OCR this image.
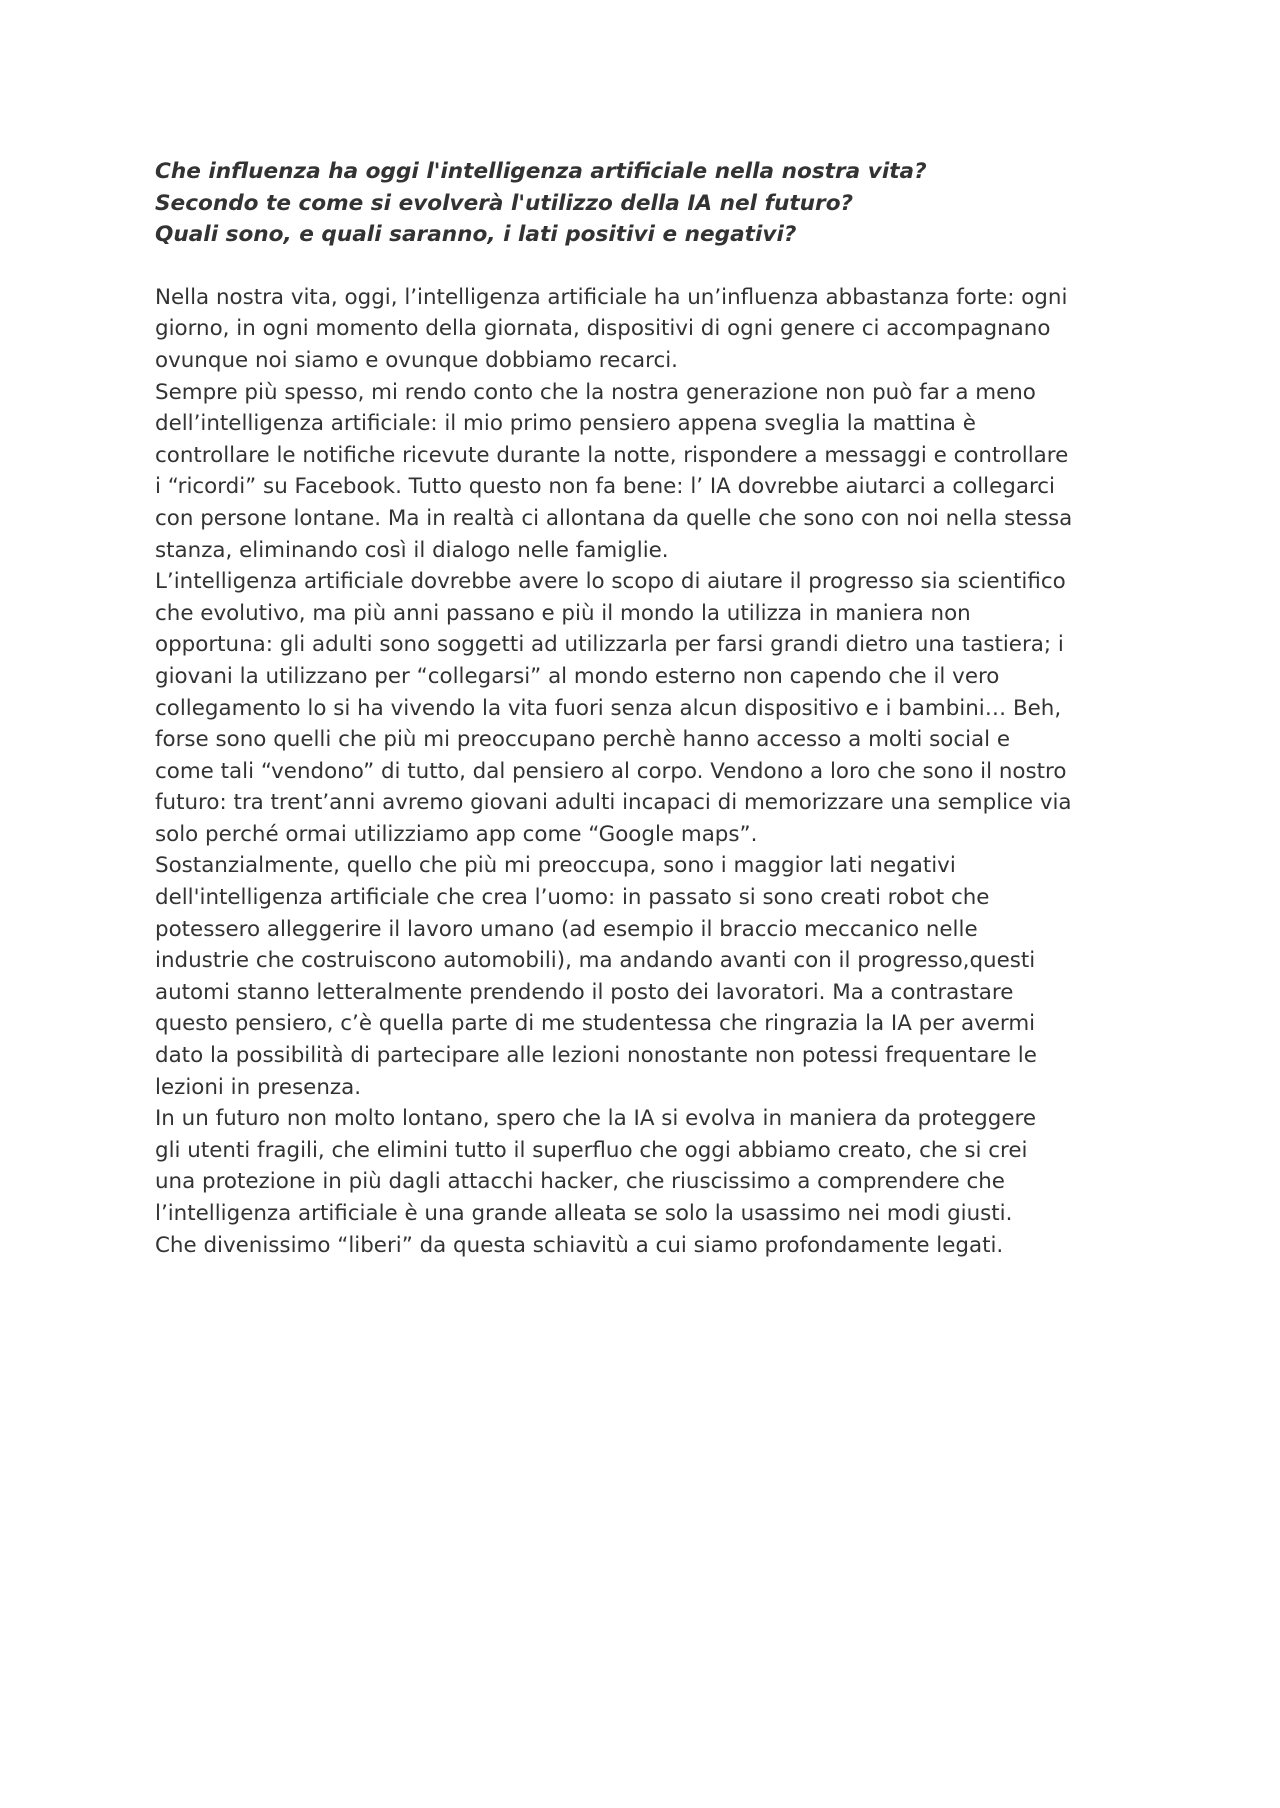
Che influenza ha oggi l'intelligenza artificiale nella nostra vita?
Secondo te come si evolverà l'utilizzo della IA nel futuro?
Quali sono, e quali saranno, i lati positivi e negativi?
Nella nostra vita, oggi, l’intelligenza artificiale ha un’influenza abbastanza forte: ogni
giorno, in ogni momento della giornata, dispositivi di ogni genere ci accompagnano
ovunque noi siamo e ovunque dobbiamo recarci.
Sempre più spesso, mi rendo conto che la nostra generazione non può far a meno
dell’intelligenza artificiale: il mio primo pensiero appena sveglia la mattina è
controllare le notifiche ricevute durante la notte, rispondere a messaggi e controllare
i “ricordi” su Facebook. Tutto questo non fa bene: l’ IA dovrebbe aiutarci a collegarci
con persone lontane. Ma in realtà ci allontana da quelle che sono con noi nella stessa
stanza, eliminando così il dialogo nelle famiglie.
L’intelligenza artificiale dovrebbe avere lo scopo di aiutare il progresso sia scientifico
che evolutivo, ma più anni passano e più il mondo la utilizza in maniera non
opportuna: gli adulti sono soggetti ad utilizzarla per farsi grandi dietro una tastiera; i
giovani la utilizzano per “collegarsi” al mondo esterno non capendo che il vero
collegamento lo si ha vivendo la vita fuori senza alcun dispositivo e i bambini… Beh,
forse sono quelli che più mi preoccupano perchè hanno accesso a molti social e
come tali “vendono” di tutto, dal pensiero al corpo. Vendono a loro che sono il nostro
futuro: tra trent’anni avremo giovani adulti incapaci di memorizzare una semplice via
solo perché ormai utilizziamo app come “Google maps”.
Sostanzialmente, quello che più mi preoccupa, sono i maggior lati negativi
dell'intelligenza artificiale che crea l’uomo: in passato si sono creati robot che
potessero alleggerire il lavoro umano (ad esempio il braccio meccanico nelle
industrie che costruiscono automobili), ma andando avanti con il progresso,questi
automi stanno letteralmente prendendo il posto dei lavoratori. Ma a contrastare
questo pensiero, c’è quella parte di me studentessa che ringrazia la IA per avermi
dato la possibilità di partecipare alle lezioni nonostante non potessi frequentare le
lezioni in presenza.
In un futuro non molto lontano, spero che la IA si evolva in maniera da proteggere
gli utenti fragili, che elimini tutto il superfluo che oggi abbiamo creato, che si crei
una protezione in più dagli attacchi hacker, che riuscissimo a comprendere che
l’intelligenza artificiale è una grande alleata se solo la usassimo nei modi giusti.
Che divenissimo “liberi” da questa schiavitù a cui siamo profondamente legati.
